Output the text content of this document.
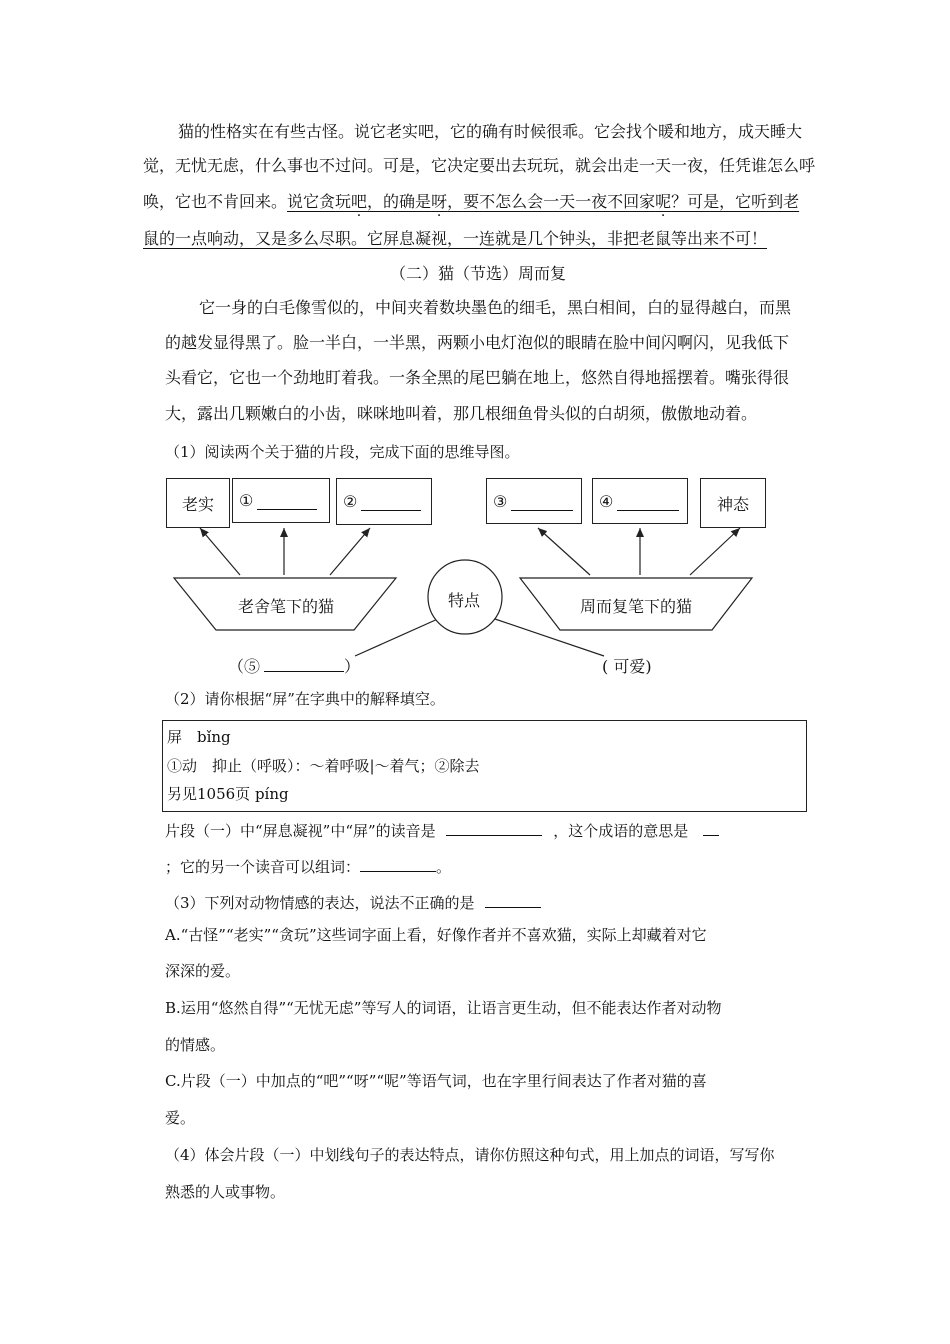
猫的性格实在有些古怪。说它老实吧，它的确有时候很乖。它会找个暖和地方，成天睡大
觉，无忧无虑，什么事也不过问。可是，它决定要出去玩玩，就会出走一天一夜，任凭谁怎么呼
唤，它也不肯回来。说它贪玩吧，的确是呀，要不怎么会一天一夜不回家呢？可是，它听到老
鼠的一点响动，又是多么尽职。它屏息凝视，一连就是几个钟头，非把老鼠等出来不可！
（二）猫（节选）周而复
它一身的白毛像雪似的，中间夹着数块墨色的细毛，黑白相间，白的显得越白，而黑
的越发显得黑了。脸一半白，一半黑，两颗小电灯泡似的眼睛在脸中间闪啊闪，见我低下
头看它，它也一个劲地盯着我。一条全黑的尾巴躺在地上，悠然自得地摇摆着。嘴张得很
大，露出几颗嫩白的小齿，咪咪地叫着，那几根细鱼骨头似的白胡须，傲傲地动着。
（1）阅读两个关于猫的片段，完成下面的思维导图。
老实 ①	②	③	④	神态
老舍笔下的猫	周而复笔下的猫
特点
（⑤	）	( 可爱)
（2）请你根据“屏”在字典中的解释填空。
屏　bǐng
①动　抑止（呼吸）：～着呼吸|～着气；②除去
另见1056页 píng
片段（一）中“屏息凝视”中“屏”的读音是	，这个成语的意思是
；它的另一个读音可以组词：	。
（3）下列对动物情感的表达，说法不正确的是
A.“古怪”“老实”“贪玩”这些词字面上看，好像作者并不喜欢猫，实际上却藏着对它
深深的爱。
B.运用“悠然自得”“无忧无虑”等写人的词语，让语言更生动，但不能表达作者对动物
的情感。
C.片段（一）中加点的“吧”“呀”“呢”等语气词，也在字里行间表达了作者对猫的喜
爱。
（4）体会片段（一）中划线句子的表达特点，请你仿照这种句式，用上加点的词语，写写你
熟悉的人或事物。
